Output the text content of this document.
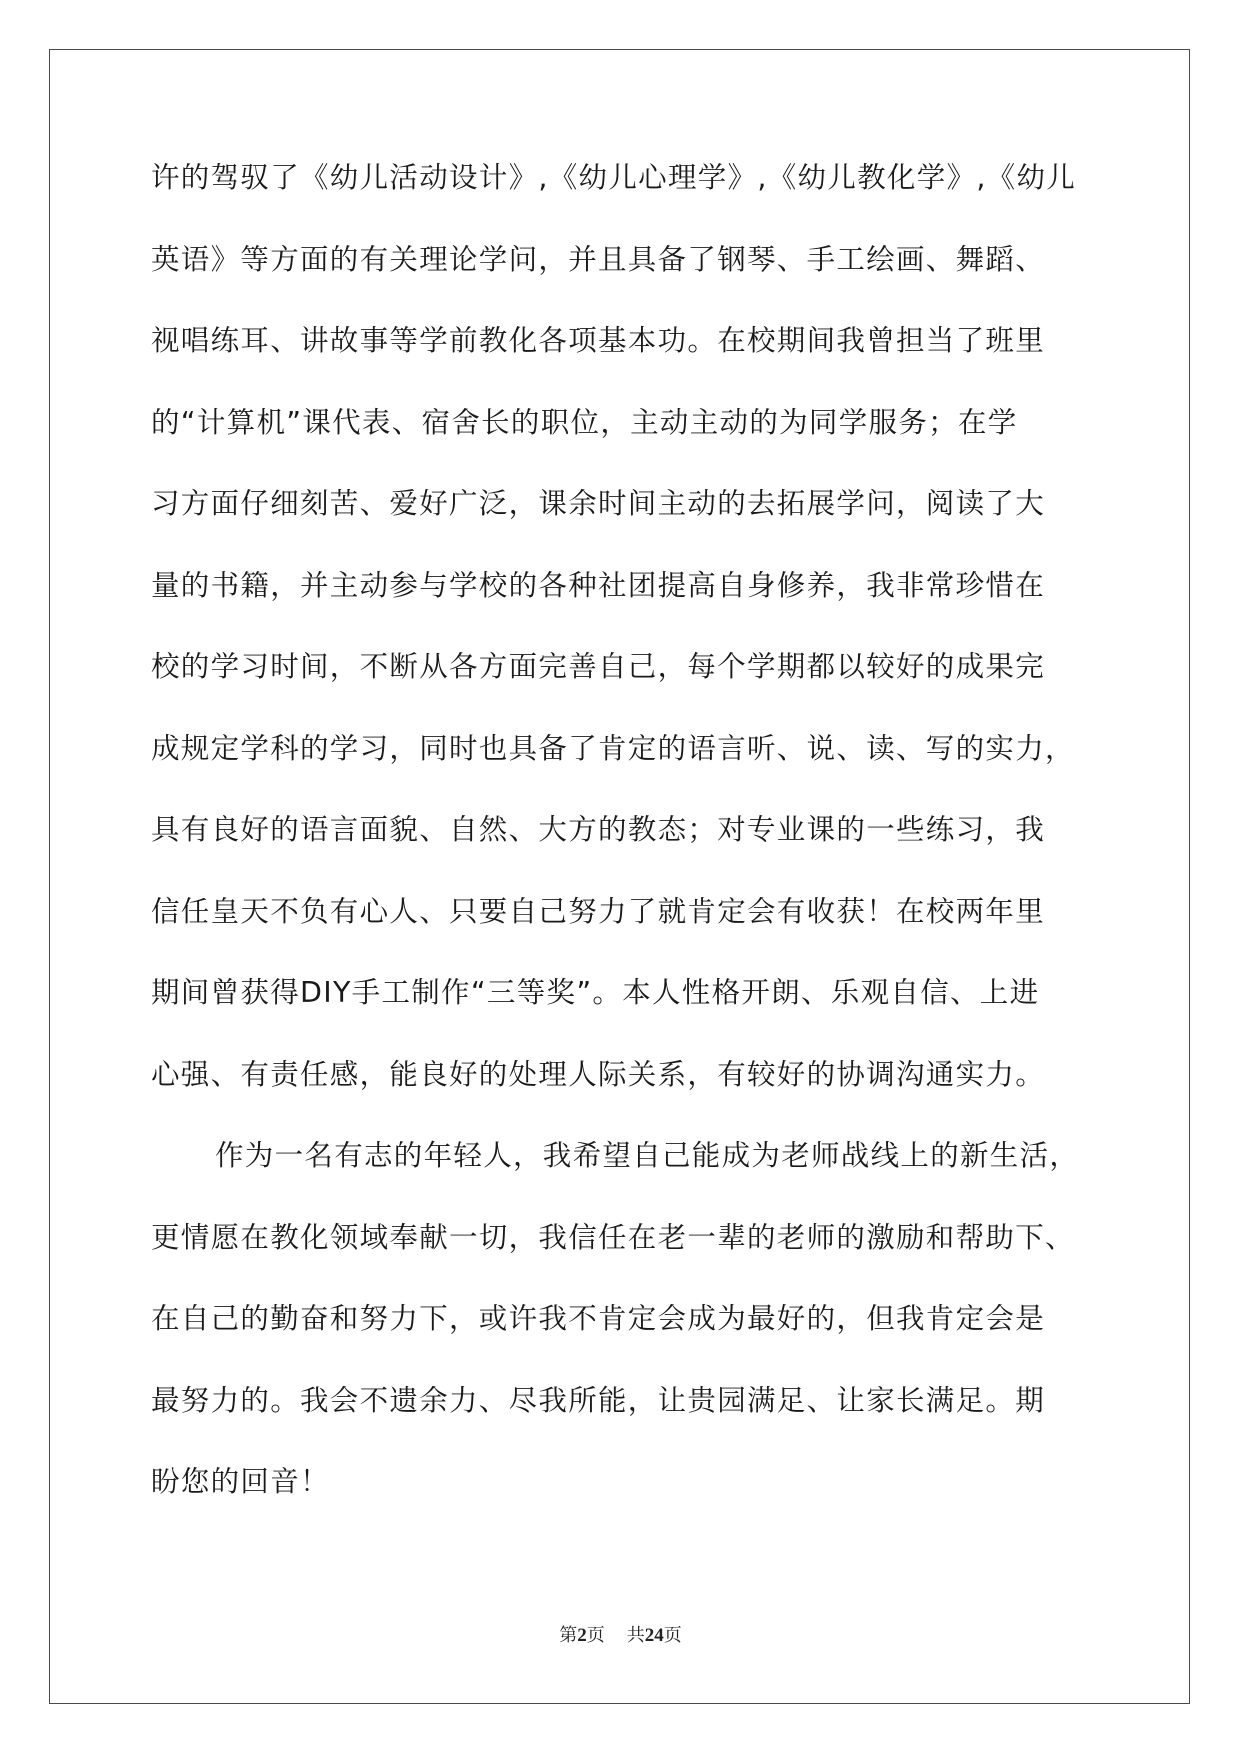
许的驾驭了《幼儿活动设计》,《幼儿心理学》,《幼儿教化学》,《幼儿
英语》等方面的有关理论学问，并且具备了钢琴、手工绘画、舞蹈、
视唱练耳、讲故事等学前教化各项基本功。在校期间我曾担当了班里
的“计算机”课代表、宿舍长的职位，主动主动的为同学服务；在学
习方面仔细刻苦、爱好广泛，课余时间主动的去拓展学问，阅读了大
量的书籍，并主动参与学校的各种社团提高自身修养，我非常珍惜在
校的学习时间，不断从各方面完善自己，每个学期都以较好的成果完
成规定学科的学习，同时也具备了肯定的语言听、说、读、写的实力，
具有良好的语言面貌、自然、大方的教态；对专业课的一些练习，我
信任皇天不负有心人、只要自己努力了就肯定会有收获！在校两年里
期间曾获得DIY手工制作“三等奖”。本人性格开朗、乐观自信、上进
心强、有责任感，能良好的处理人际关系，有较好的协调沟通实力。
作为一名有志的年轻人，我希望自己能成为老师战线上的新生活，
更情愿在教化领域奉献一切，我信任在老一辈的老师的激励和帮助下、
在自己的勤奋和努力下，或许我不肯定会成为最好的，但我肯定会是
最努力的。我会不遗余力、尽我所能，让贵园满足、让家长满足。期
盼您的回音！
第2页 共24页
